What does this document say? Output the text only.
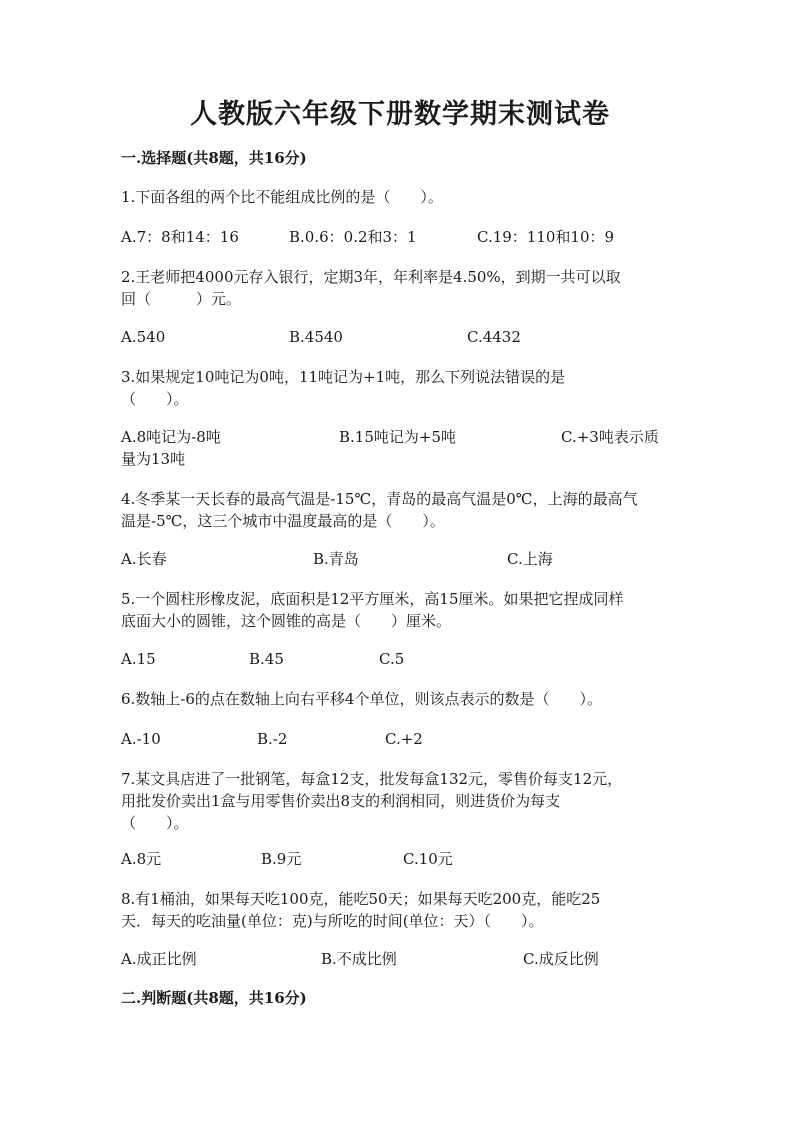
人教版六年级下册数学期末测试卷
一.选择题(共8题，共16分)
1.下面各组的两个比不能组成比例的是（　　）。
A.7：8和14：16	B.0.6：0.2和3：1	C.19：110和10：9
2.王老师把4000元存入银行，定期3年，年利率是4.50%，到期一共可以取
回（　　　）元。
A.540	B.4540	C.4432
3.如果规定10吨记为0吨，11吨记为+1吨，那么下列说法错误的是
（　　）。
A.8吨记为-8吨	B.15吨记为+5吨	C.+3吨表示质
量为13吨
4.冬季某一天长春的最高气温是-15℃，青岛的最高气温是0℃，上海的最高气
温是-5℃，这三个城市中温度最高的是（　　）。
A.长春	B.青岛	C.上海
5.一个圆柱形橡皮泥，底面积是12平方厘米，高15厘米。如果把它捏成同样
底面大小的圆锥，这个圆锥的高是（　　）厘米。
A.15	B.45	C.5
6.数轴上-6的点在数轴上向右平移4个单位，则该点表示的数是（　　）。
A.-10	B.-2	C.+2
7.某文具店进了一批钢笔，每盒12支，批发每盒132元，零售价每支12元，
用批发价卖出1盒与用零售价卖出8支的利润相同，则进货价为每支
（　　）。
A.8元	B.9元	C.10元
8.有1桶油，如果每天吃100克，能吃50天；如果每天吃200克，能吃25
天．每天的吃油量(单位：克)与所吃的时间(单位：天）（　　）。
A.成正比例	B.不成比例	C.成反比例
二.判断题(共8题，共16分)
